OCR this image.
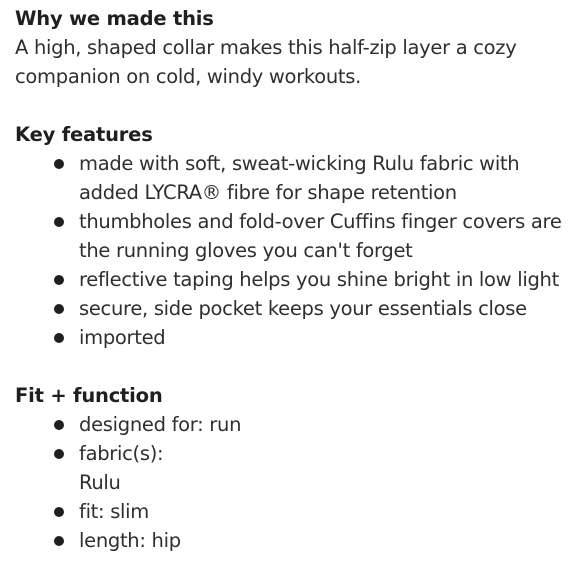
Why we made this

A high, shaped collar makes this half-zip layer a cozy
companion on cold, windy workouts.

Key features
made with soft, sweat-wicking Rulu fabric with
added LYCRA® fibre for shape retention
thumbholes and fold-over Cuffins finger covers are
the running gloves you can't forget
reflective taping helps you shine bright in low light
secure, side pocket keeps your essentials close
imported
Fit + function
designed for: run
fabric(s):
Rulu
fit: slim
length: hip
